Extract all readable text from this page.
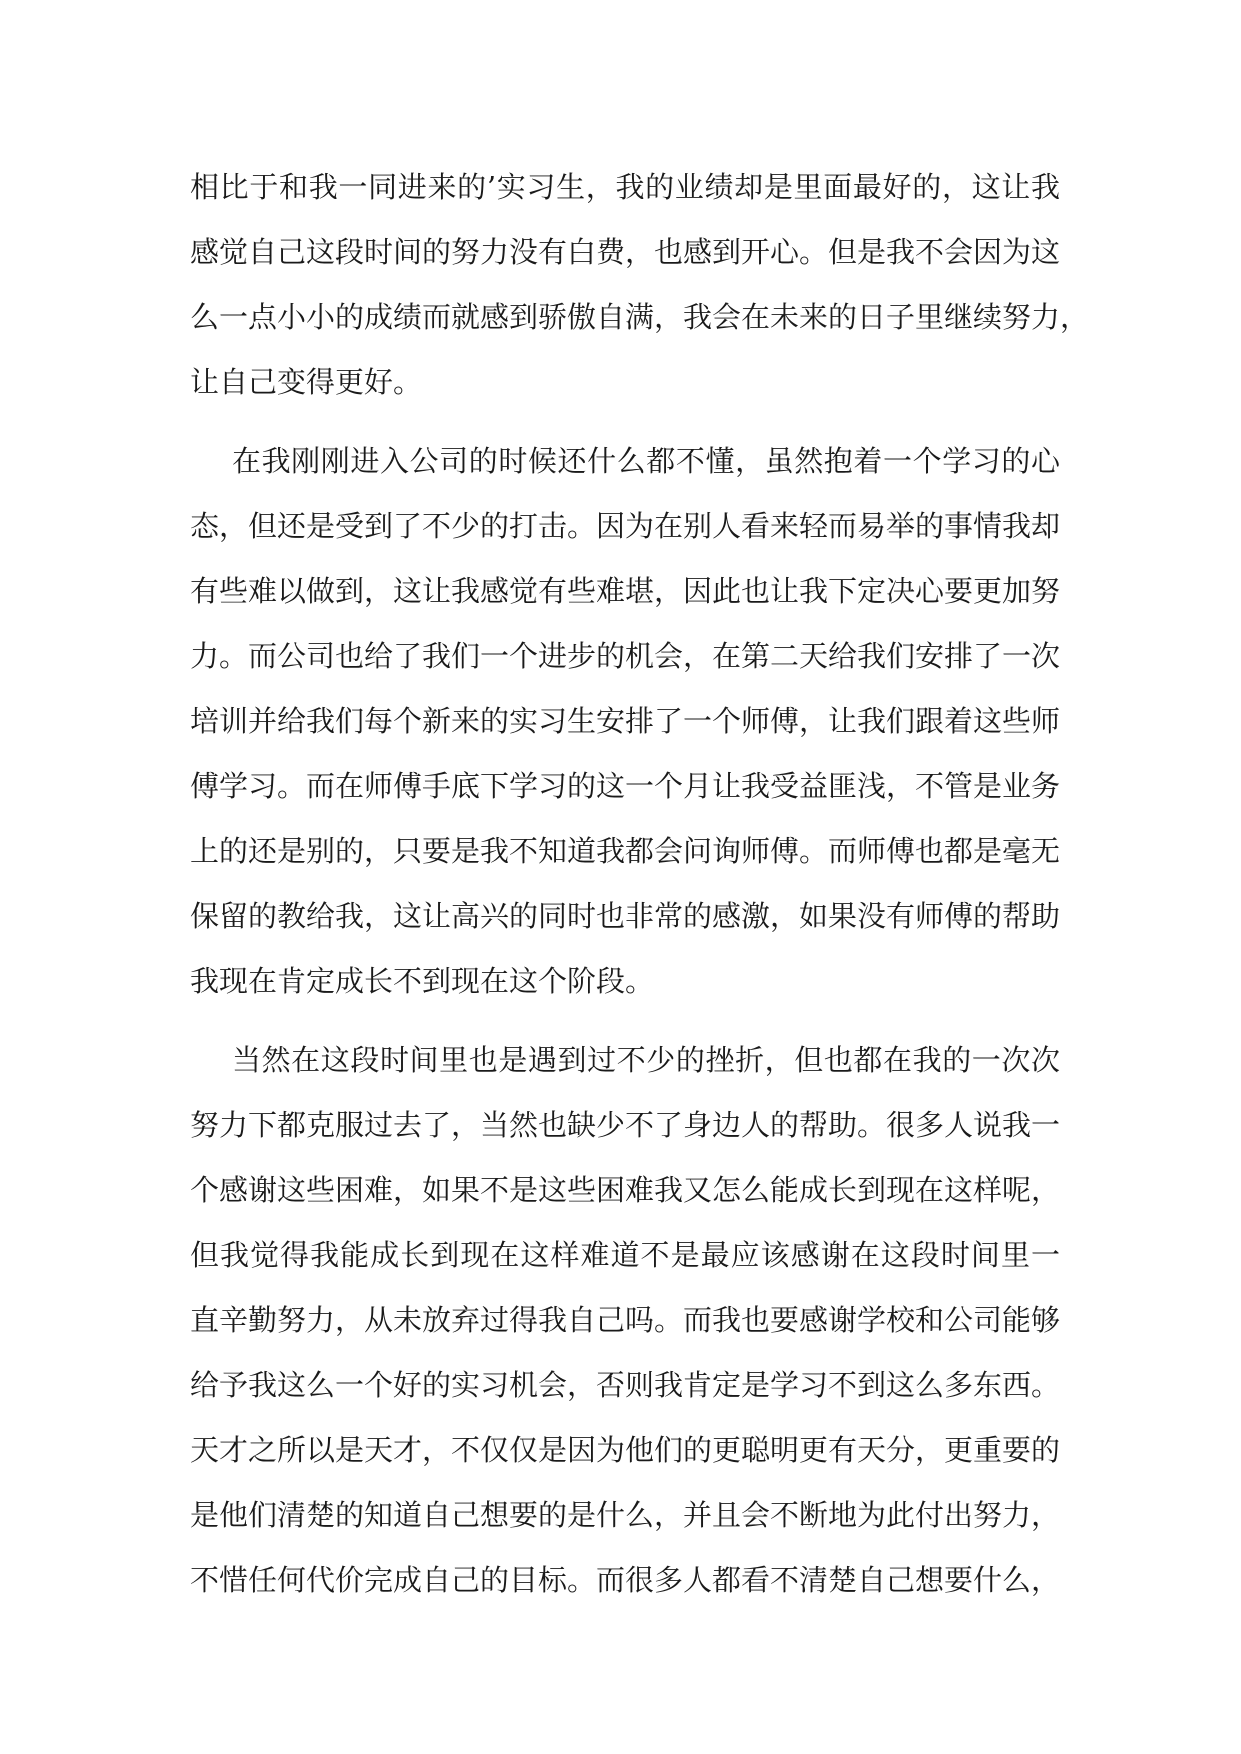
相比于和我一同进来的’实习生，我的业绩却是里面最好的，这让我
感觉自己这段时间的努力没有白费，也感到开心。但是我不会因为这
么一点小小的成绩而就感到骄傲自满，我会在未来的日子里继续努力，
让自己变得更好。
在我刚刚进入公司的时候还什么都不懂，虽然抱着一个学习的心
态，但还是受到了不少的打击。因为在别人看来轻而易举的事情我却
有些难以做到，这让我感觉有些难堪，因此也让我下定决心要更加努
力。而公司也给了我们一个进步的机会，在第二天给我们安排了一次
培训并给我们每个新来的实习生安排了一个师傅，让我们跟着这些师
傅学习。而在师傅手底下学习的这一个月让我受益匪浅，不管是业务
上的还是别的，只要是我不知道我都会问询师傅。而师傅也都是毫无
保留的教给我，这让高兴的同时也非常的感激，如果没有师傅的帮助
我现在肯定成长不到现在这个阶段。
当然在这段时间里也是遇到过不少的挫折，但也都在我的一次次
努力下都克服过去了，当然也缺少不了身边人的帮助。很多人说我一
个感谢这些困难，如果不是这些困难我又怎么能成长到现在这样呢，
但我觉得我能成长到现在这样难道不是最应该感谢在这段时间里一
直辛勤努力，从未放弃过得我自己吗。而我也要感谢学校和公司能够
给予我这么一个好的实习机会，否则我肯定是学习不到这么多东西。
天才之所以是天才，不仅仅是因为他们的更聪明更有天分，更重要的
是他们清楚的知道自己想要的是什么，并且会不断地为此付出努力，
不惜任何代价完成自己的目标。而很多人都看不清楚自己想要什么，
